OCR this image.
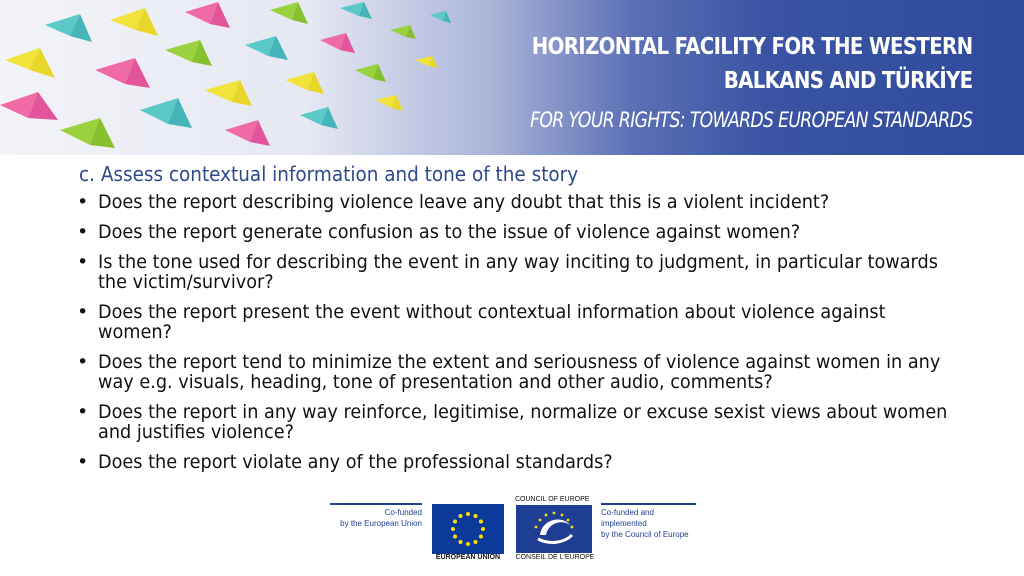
HORIZONTAL FACILITY FOR THE WESTERN
BALKANS AND TÜRKİYE
FOR YOUR RIGHTS: TOWARDS EUROPEAN STANDARDS
c. Assess contextual information and tone of the story
• Does the report describing violence leave any doubt that this is a violent incident?
• Does the report generate confusion as to the issue of violence against women?
• Is the tone used for describing the event in any way inciting to judgment, in particular towards the victim/survivor?
• Does the report present the event without contextual information about violence against women?
• Does the report tend to minimize the extent and seriousness of violence against women in any way e.g. visuals, heading, tone of presentation and other audio, comments?
• Does the report in any way reinforce, legitimise, normalize or excuse sexist views about women and justifies violence?
• Does the report violate any of the professional standards?
Co-funded
by the European Union
EUROPEAN UNION
COUNCIL OF EUROPE
CONSEIL DE L'EUROPE
Co-funded and implemented
by the Council of Europe
